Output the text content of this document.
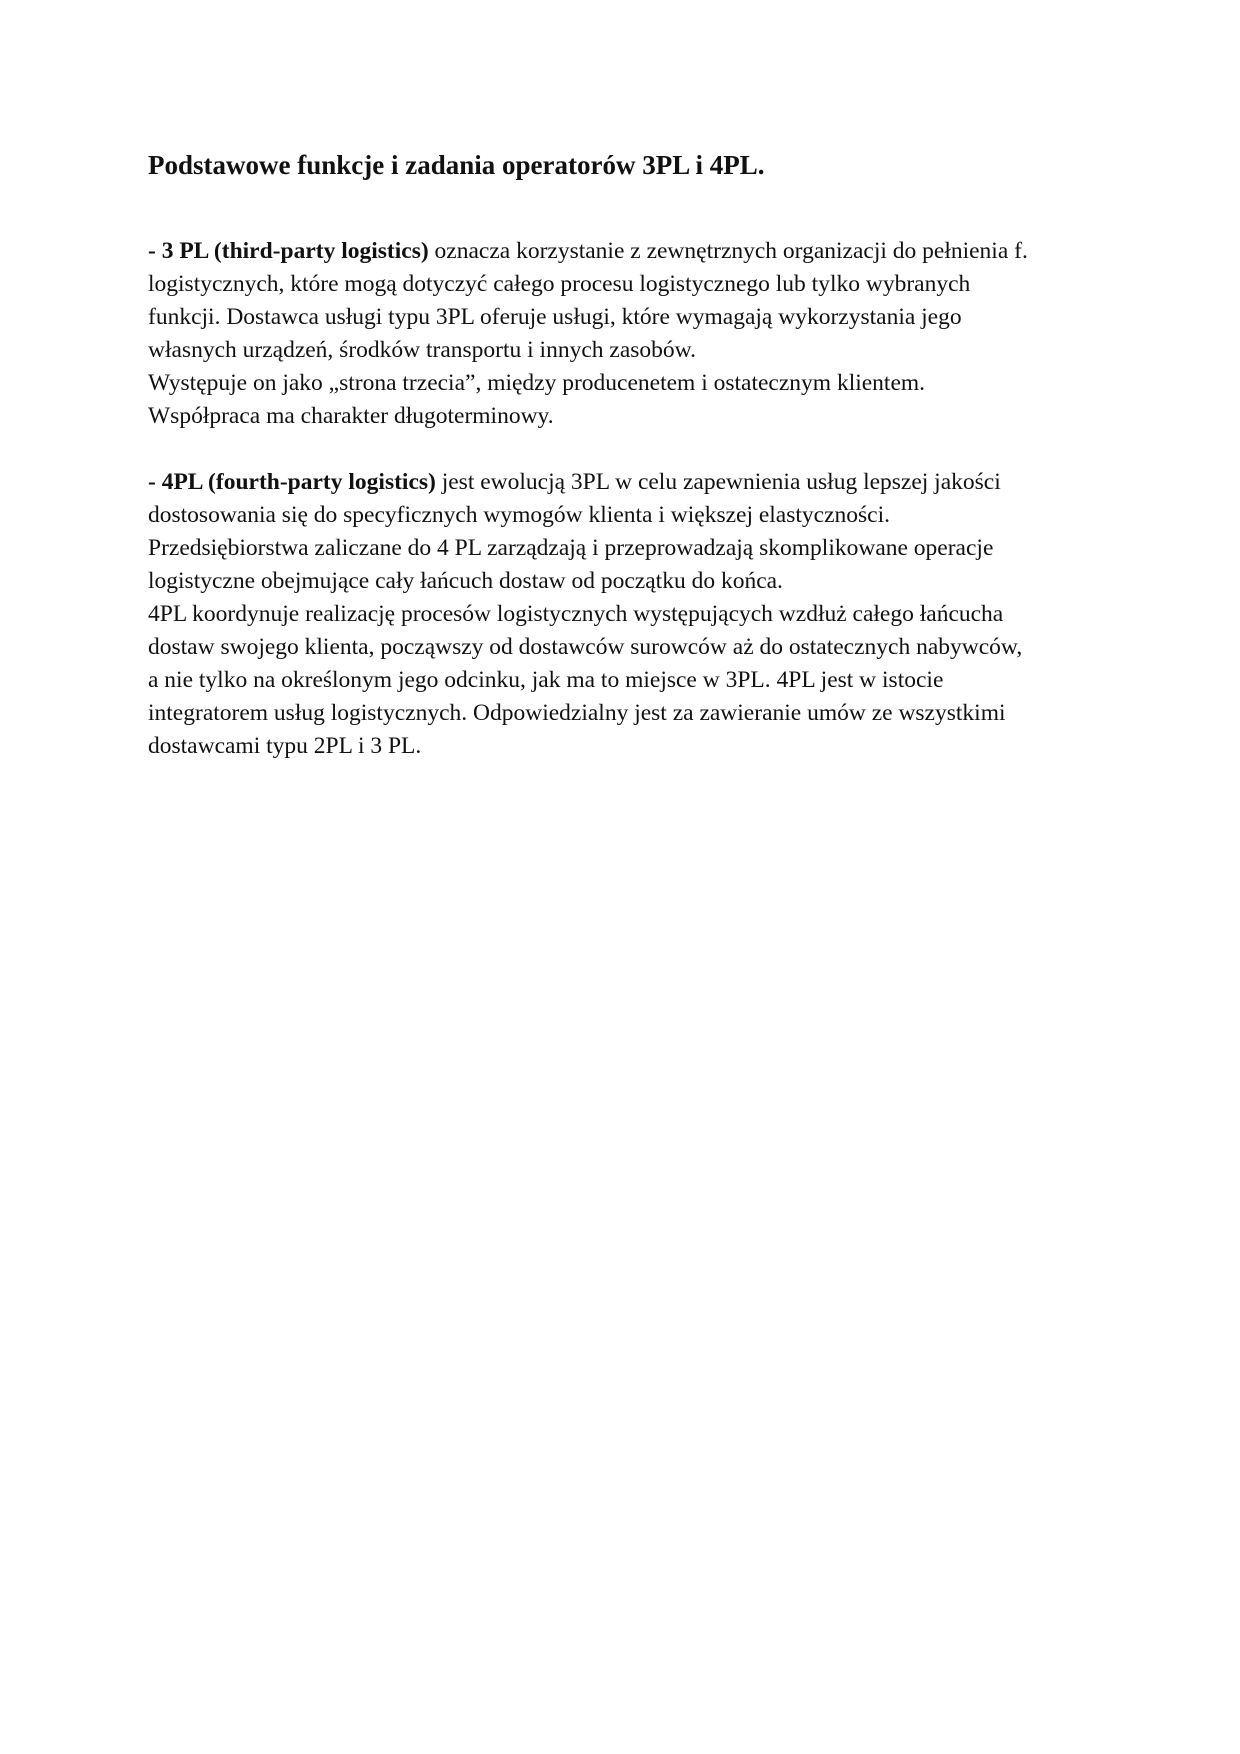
Podstawowe funkcje i zadania operatorów 3PL i 4PL.

- 3 PL (third-party logistics) oznacza korzystanie z zewnętrznych organizacji do pełnienia f.
logistycznych, które mogą dotyczyć całego procesu logistycznego lub tylko wybranych
funkcji. Dostawca usługi typu 3PL oferuje usługi, które wymagają wykorzystania jego
własnych urządzeń, środków transportu i innych zasobów.
Występuje on jako „strona trzecia”, między producenetem i ostatecznym klientem.
Współpraca ma charakter długoterminowy.

- 4PL (fourth-party logistics) jest ewolucją 3PL w celu zapewnienia usług lepszej jakości
dostosowania się do specyficznych wymogów klienta i większej elastyczności.
Przedsiębiorstwa zaliczane do 4 PL zarządzają i przeprowadzają skomplikowane operacje
logistyczne obejmujące cały łańcuch dostaw od początku do końca.
4PL koordynuje realizację procesów logistycznych występujących wzdłuż całego łańcucha
dostaw swojego klienta, począwszy od dostawców surowców aż do ostatecznych nabywców,
a nie tylko na określonym jego odcinku, jak ma to miejsce w 3PL. 4PL jest w istocie
integratorem usług logistycznych. Odpowiedzialny jest za zawieranie umów ze wszystkimi
dostawcami typu 2PL i 3 PL.
